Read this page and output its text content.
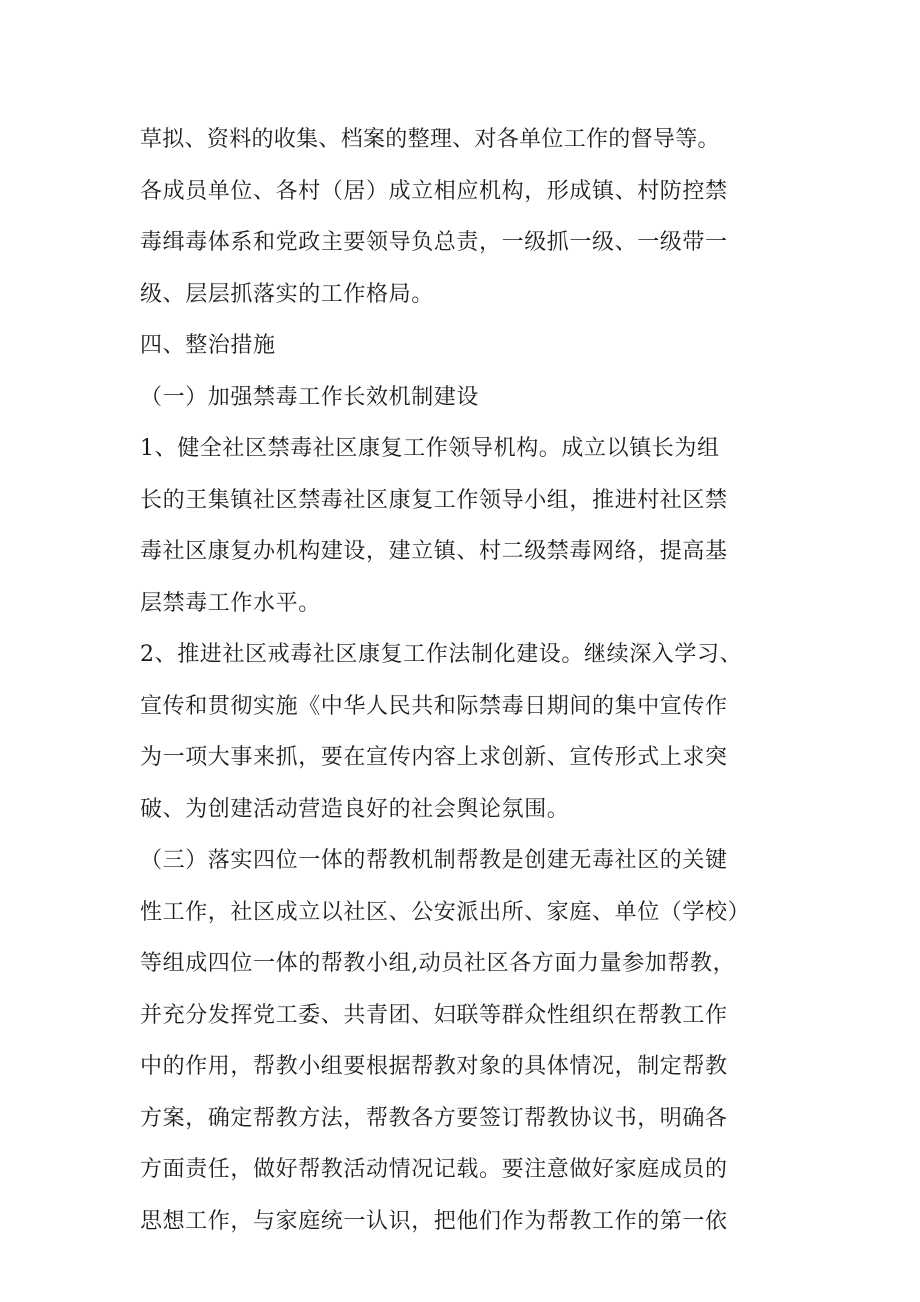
草拟、资料的收集、档案的整理、对各单位工作的督导等。
各成员单位、各村（居）成立相应机构，形成镇、村防控禁
毒缉毒体系和党政主要领导负总责，一级抓一级、一级带一
级、层层抓落实的工作格局。
四、整治措施
（一）加强禁毒工作长效机制建设
1、健全社区禁毒社区康复工作领导机构。成立以镇长为组
长的王集镇社区禁毒社区康复工作领导小组，推进村社区禁
毒社区康复办机构建设，建立镇、村二级禁毒网络，提高基
层禁毒工作水平。
2、推进社区戒毒社区康复工作法制化建设。继续深入学习、
宣传和贯彻实施《中华人民共和际禁毒日期间的集中宣传作
为一项大事来抓，要在宣传内容上求创新、宣传形式上求突
破、为创建活动营造良好的社会舆论氛围。
（三）落实四位一体的帮教机制帮教是创建无毒社区的关键
性工作，社区成立以社区、公安派出所、家庭、单位（学校）
等组成四位一体的帮教小组,动员社区各方面力量参加帮教，
并充分发挥党工委、共青团、妇联等群众性组织在帮教工作
中的作用，帮教小组要根据帮教对象的具体情况，制定帮教
方案，确定帮教方法，帮教各方要签订帮教协议书，明确各
方面责任，做好帮教活动情况记载。要注意做好家庭成员的
思想工作，与家庭统一认识，把他们作为帮教工作的第一依
